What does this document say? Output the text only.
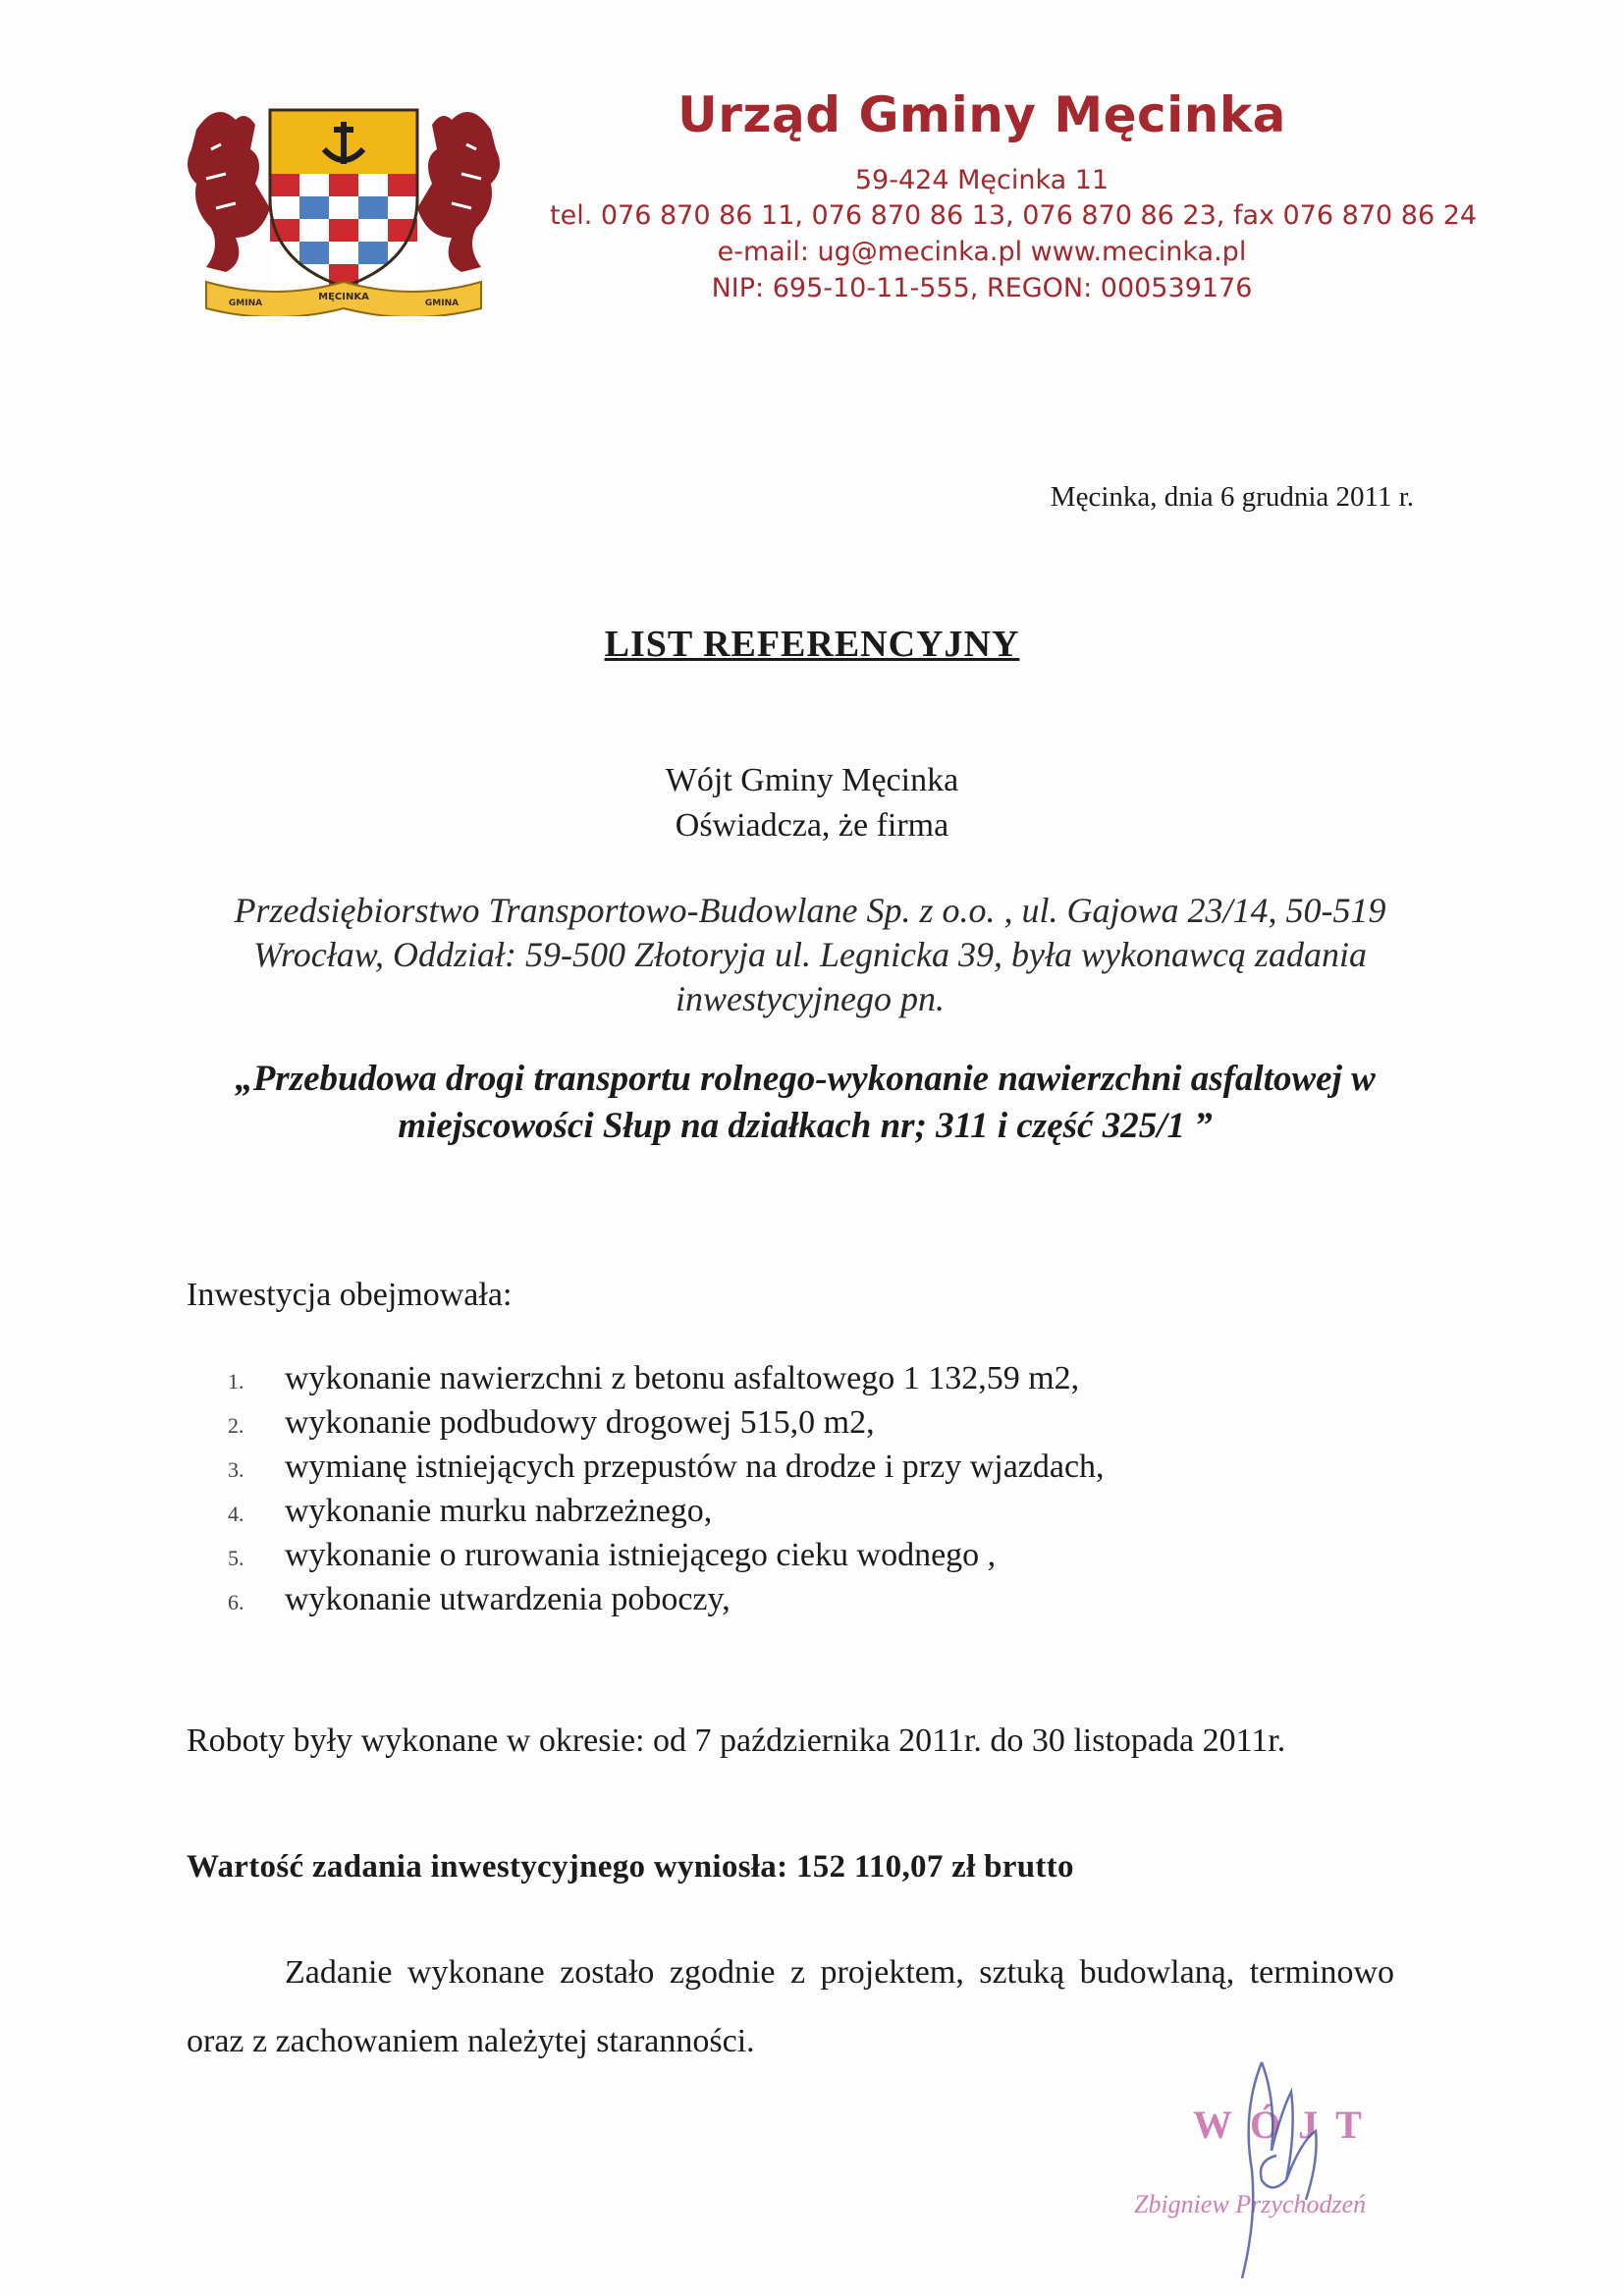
MĘCINKA
GMINA	GMINA
Urząd Gminy Męcinka
59-424 Męcinka 11
tel. 076 870 86 11, 076 870 86 13, 076 870 86 23, fax 076 870 86 24
e-mail: ug@mecinka.pl www.mecinka.pl
NIP: 695-10-11-555, REGON: 000539176
Męcinka, dnia 6 grudnia 2011 r.
LIST REFERENCYJNY
Wójt Gminy Męcinka
Oświadcza, że firma
Przedsiębiorstwo Transportowo-Budowlane Sp. z o.o. , ul. Gajowa 23/14, 50-519 Wrocław, Oddział: 59-500 Złotoryja ul. Legnicka 39, była wykonawcą zadania inwestycyjnego pn.
„Przebudowa drogi transportu rolnego-wykonanie nawierzchni asfaltowej w miejscowości Słup na działkach nr; 311 i część 325/1 ”
Inwestycja obejmowała:
1. wykonanie nawierzchni z betonu asfaltowego 1 132,59 m2,
2. wykonanie podbudowy drogowej 515,0 m2,
3. wymianę istniejących przepustów na drodze i przy wjazdach,
4. wykonanie murku nabrzeżnego,
5. wykonanie o rurowania istniejącego cieku wodnego ,
6. wykonanie utwardzenia poboczy,
Roboty były wykonane w okresie: od 7 października 2011r. do 30 listopada 2011r.
Wartość zadania inwestycyjnego wyniosła: 152 110,07 zł brutto
Zadanie wykonane zostało zgodnie z projektem, sztuką budowlaną, terminowo oraz z zachowaniem należytej staranności.
WÓJT
Zbigniew Przychodzeń
